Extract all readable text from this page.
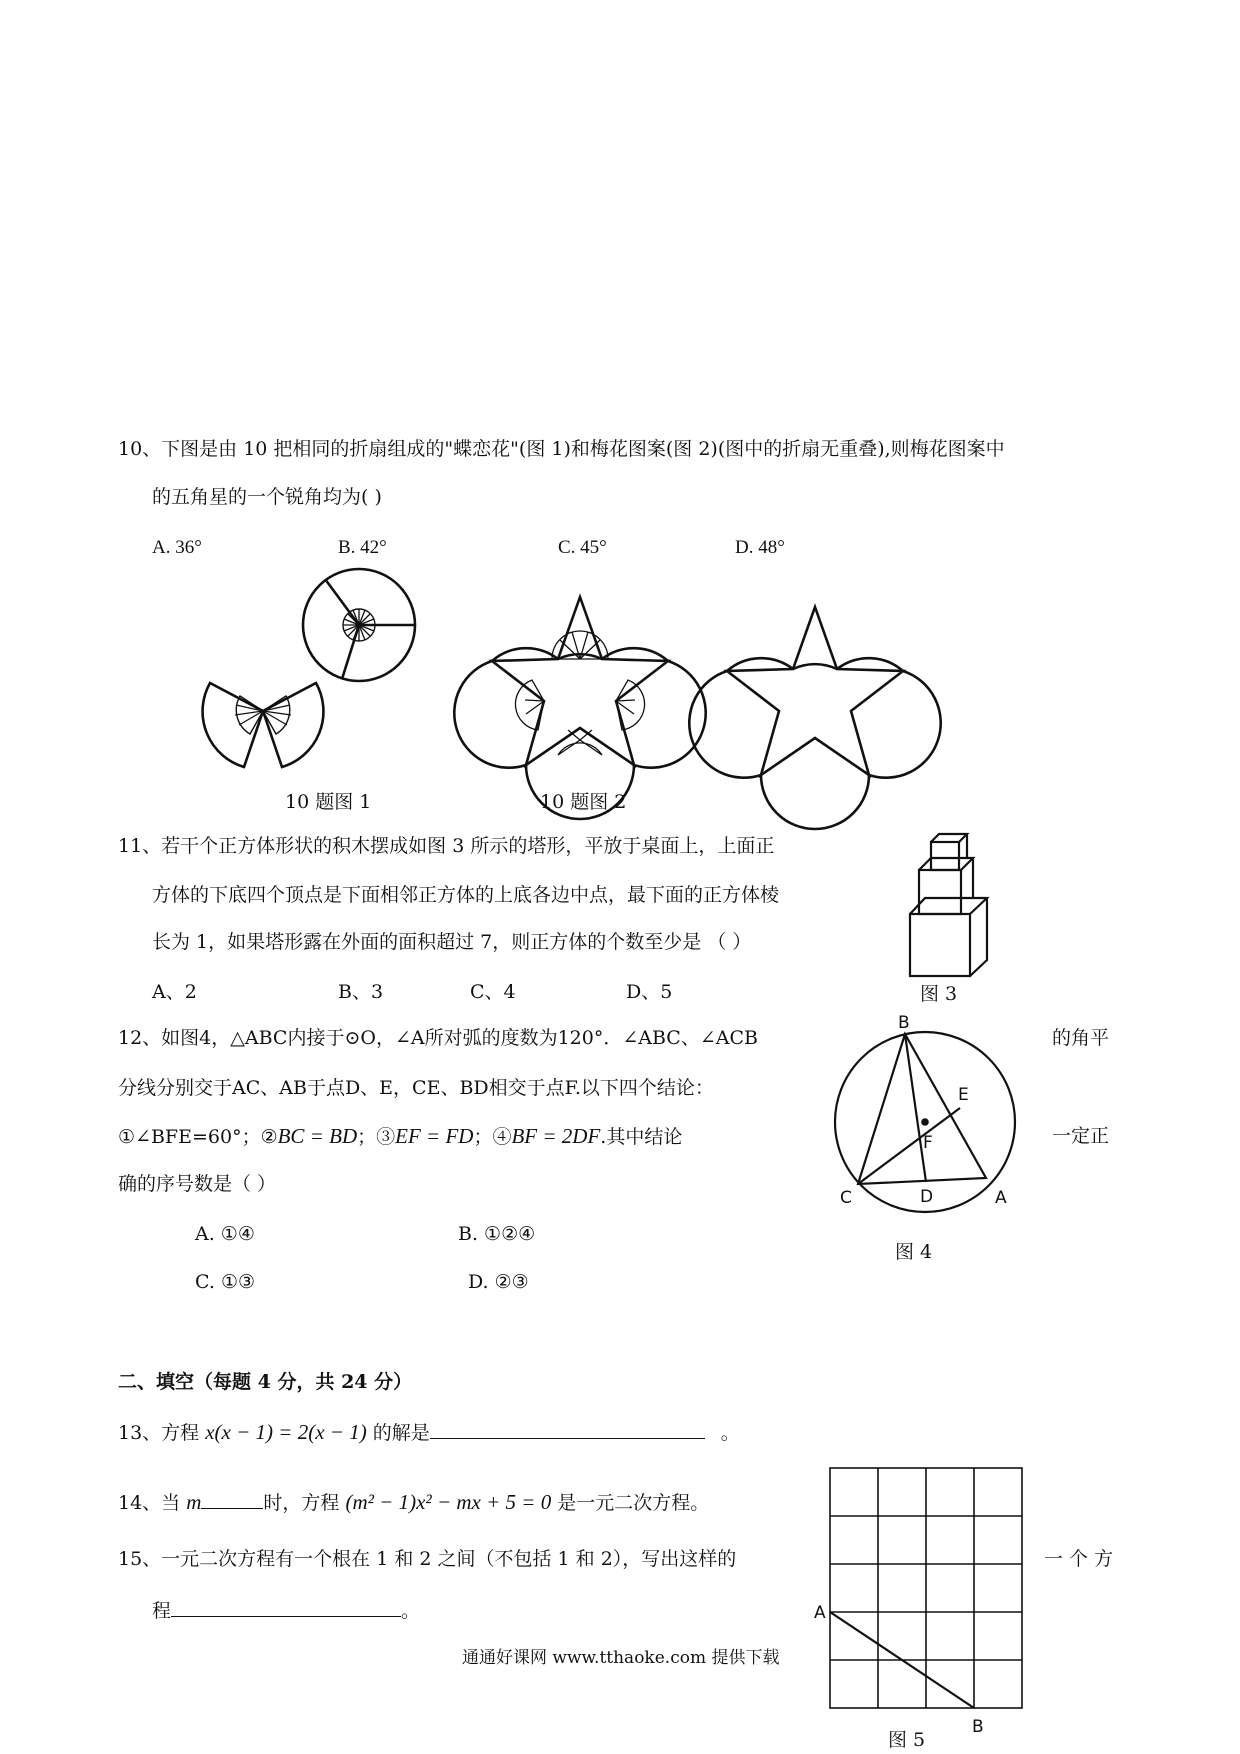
10、下图是由 10 把相同的折扇组成的"蝶恋花"(图 1)和梅花图案(图 2)(图中的折扇无重叠),则梅花图案中
的五角星的一个锐角均为( )
A. 36°	B. 42°	C. 45°	D. 48°
10 题图 1	10 题图 2
11、若干个正方体形状的积木摆成如图 3 所示的塔形，平放于桌面上，上面正
方体的下底四个顶点是下面相邻正方体的上底各边中点，最下面的正方体棱
长为 1，如果塔形露在外面的面积超过 7，则正方体的个数至少是 （ ）
A、2	B、3	C、4	D、5	图 3
12、如图4，△ABC内接于⊙O，∠A所对弧的度数为120°．∠ABC、∠ACB	的角平
分线分别交于AC、AB于点D、E，CE、BD相交于点F.以下四个结论：
①∠BFE=60°；②BC = BD；③EF = FD；④BF = 2DF.其中结论	一定正
确的序号数是（ ）
A. ①④	B. ①②④
C. ①③	D. ②③
B
C	A
D
E
F
图 4
二、填空（每题 4 分，共 24 分）
13、方程 x(x − 1) = 2(x − 1) 的解是	。
14、当 m	时，方程 (m² − 1)x² − mx + 5 = 0 是一元二次方程。
15、一元二次方程有一个根在 1 和 2 之间（不包括 1 和 2），写出这样的	一 个 方
程	。	A
B
图 5
通通好课网 www.tthaoke.com 提供下载
